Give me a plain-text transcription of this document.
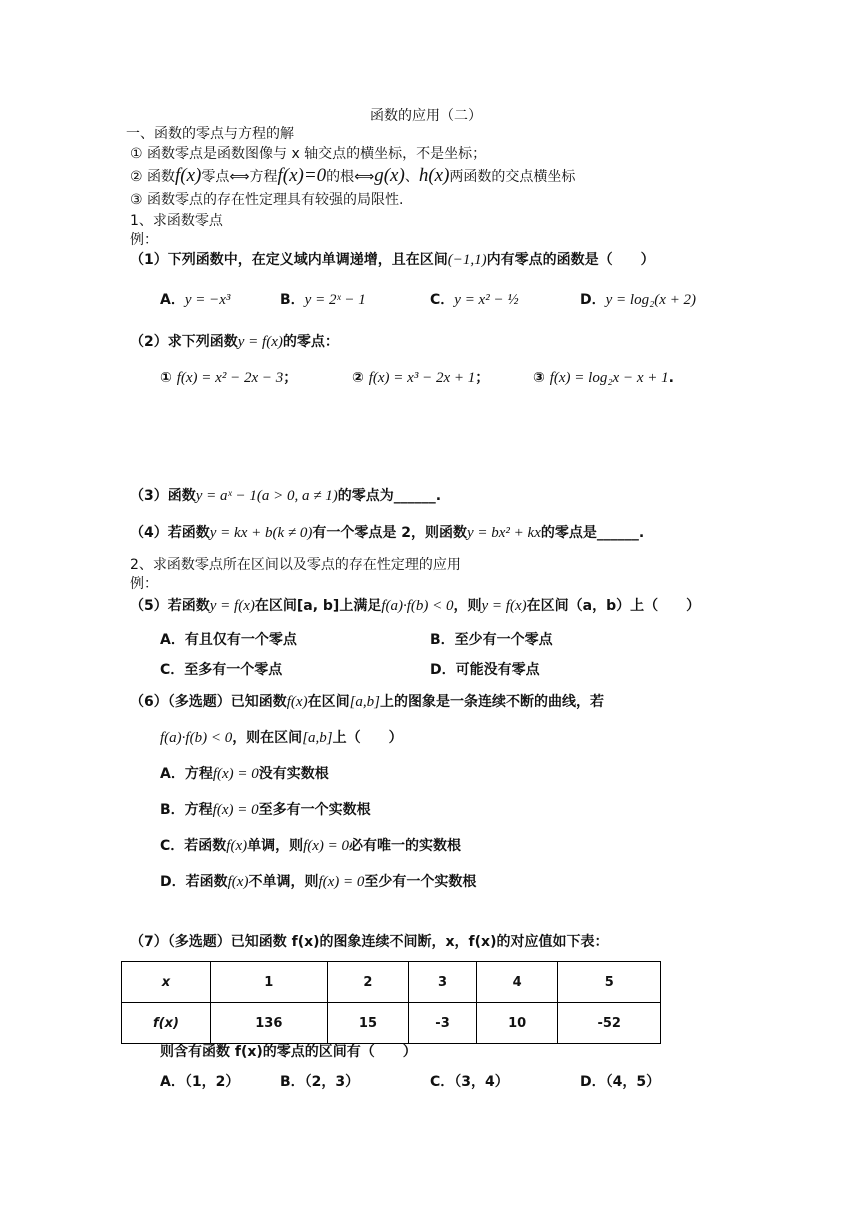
函数的应用（二）
一、函数的零点与方程的解
① 函数零点是函数图像与 x 轴交点的横坐标，不是坐标；
② 函数f(x)零点⟺方程f(x)=0的根⟺g(x)、h(x)两函数的交点横坐标
③ 函数零点的存在性定理具有较强的局限性.
1、求函数零点
例：
（1）下列函数中，在定义域内单调递增，且在区间(−1,1)内有零点的函数是（　　）
A．y = −x³	B．y = 2ˣ − 1	C．y = x² − ½	D．y = log₂(x + 2)
（2）求下列函数y = f(x)的零点：
① f(x) = x² − 2x − 3；	② f(x) = x³ − 2x + 1；	③ f(x) = log₂x − x + 1.
（3）函数y = aˣ − 1(a > 0, a ≠ 1)的零点为______.
（4）若函数y = kx + b(k ≠ 0)有一个零点是 2，则函数y = bx² + kx的零点是______.
2、求函数零点所在区间以及零点的存在性定理的应用
例：
（5）若函数y = f(x)在区间[a, b]上满足f(a)·f(b) < 0，则y = f(x)在区间（a，b）上（　　）
A．有且仅有一个零点	B．至少有一个零点
C．至多有一个零点	D．可能没有零点
（6）（多选题）已知函数f(x)在区间[a,b]上的图象是一条连续不断的曲线，若
f(a)·f(b) < 0，则在区间[a,b]上（　　）
A．方程f(x) = 0没有实数根
B．方程f(x) = 0至多有一个实数根
C．若函数f(x)单调，则f(x) = 0必有唯一的实数根
D．若函数f(x)不单调，则f(x) = 0至少有一个实数根
（7）（多选题）已知函数 f(x)的图象连续不间断，x，f(x)的对应值如下表：
x	1	2	3	4	5
f(x)	136	15	-3	10	-52
则含有函数 f(x)的零点的区间有（　　）
A．（1，2）	B．（2，3）	C．（3，4）	D．（4，5）
